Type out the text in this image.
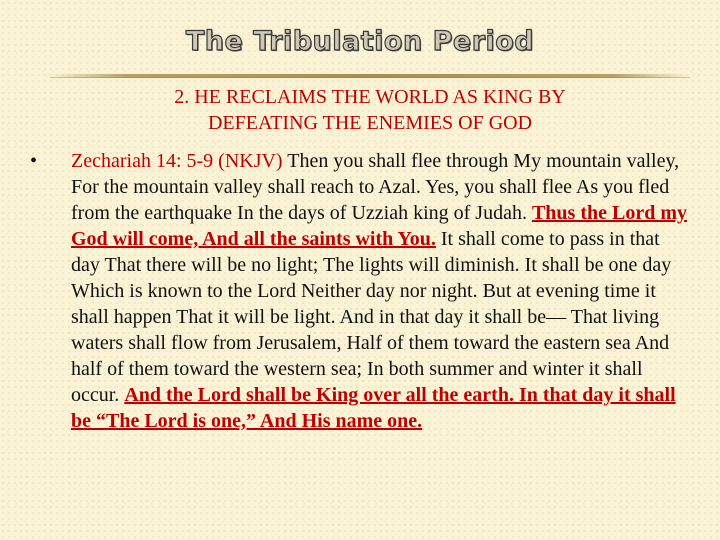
The Tribulation Period
2. HE RECLAIMS THE WORLD AS KING BY
DEFEATING THE ENEMIES OF GOD
•	Zechariah 14: 5-9 (NKJV) Then you shall flee through My mountain valley, For the mountain valley shall reach to Azal. Yes, you shall flee As you fled from the earthquake In the days of Uzziah king of Judah. Thus the Lord my God will come, And all the saints with You. It shall come to pass in that day That there will be no light; The lights will diminish. It shall be one day Which is known to the Lord Neither day nor night. But at evening time it shall happen That it will be light. And in that day it shall be— That living waters shall flow from Jerusalem, Half of them toward the eastern sea And half of them toward the western sea; In both summer and winter it shall occur. And the Lord shall be King over all the earth. In that day it shall be “The Lord is one,” And His name one.
